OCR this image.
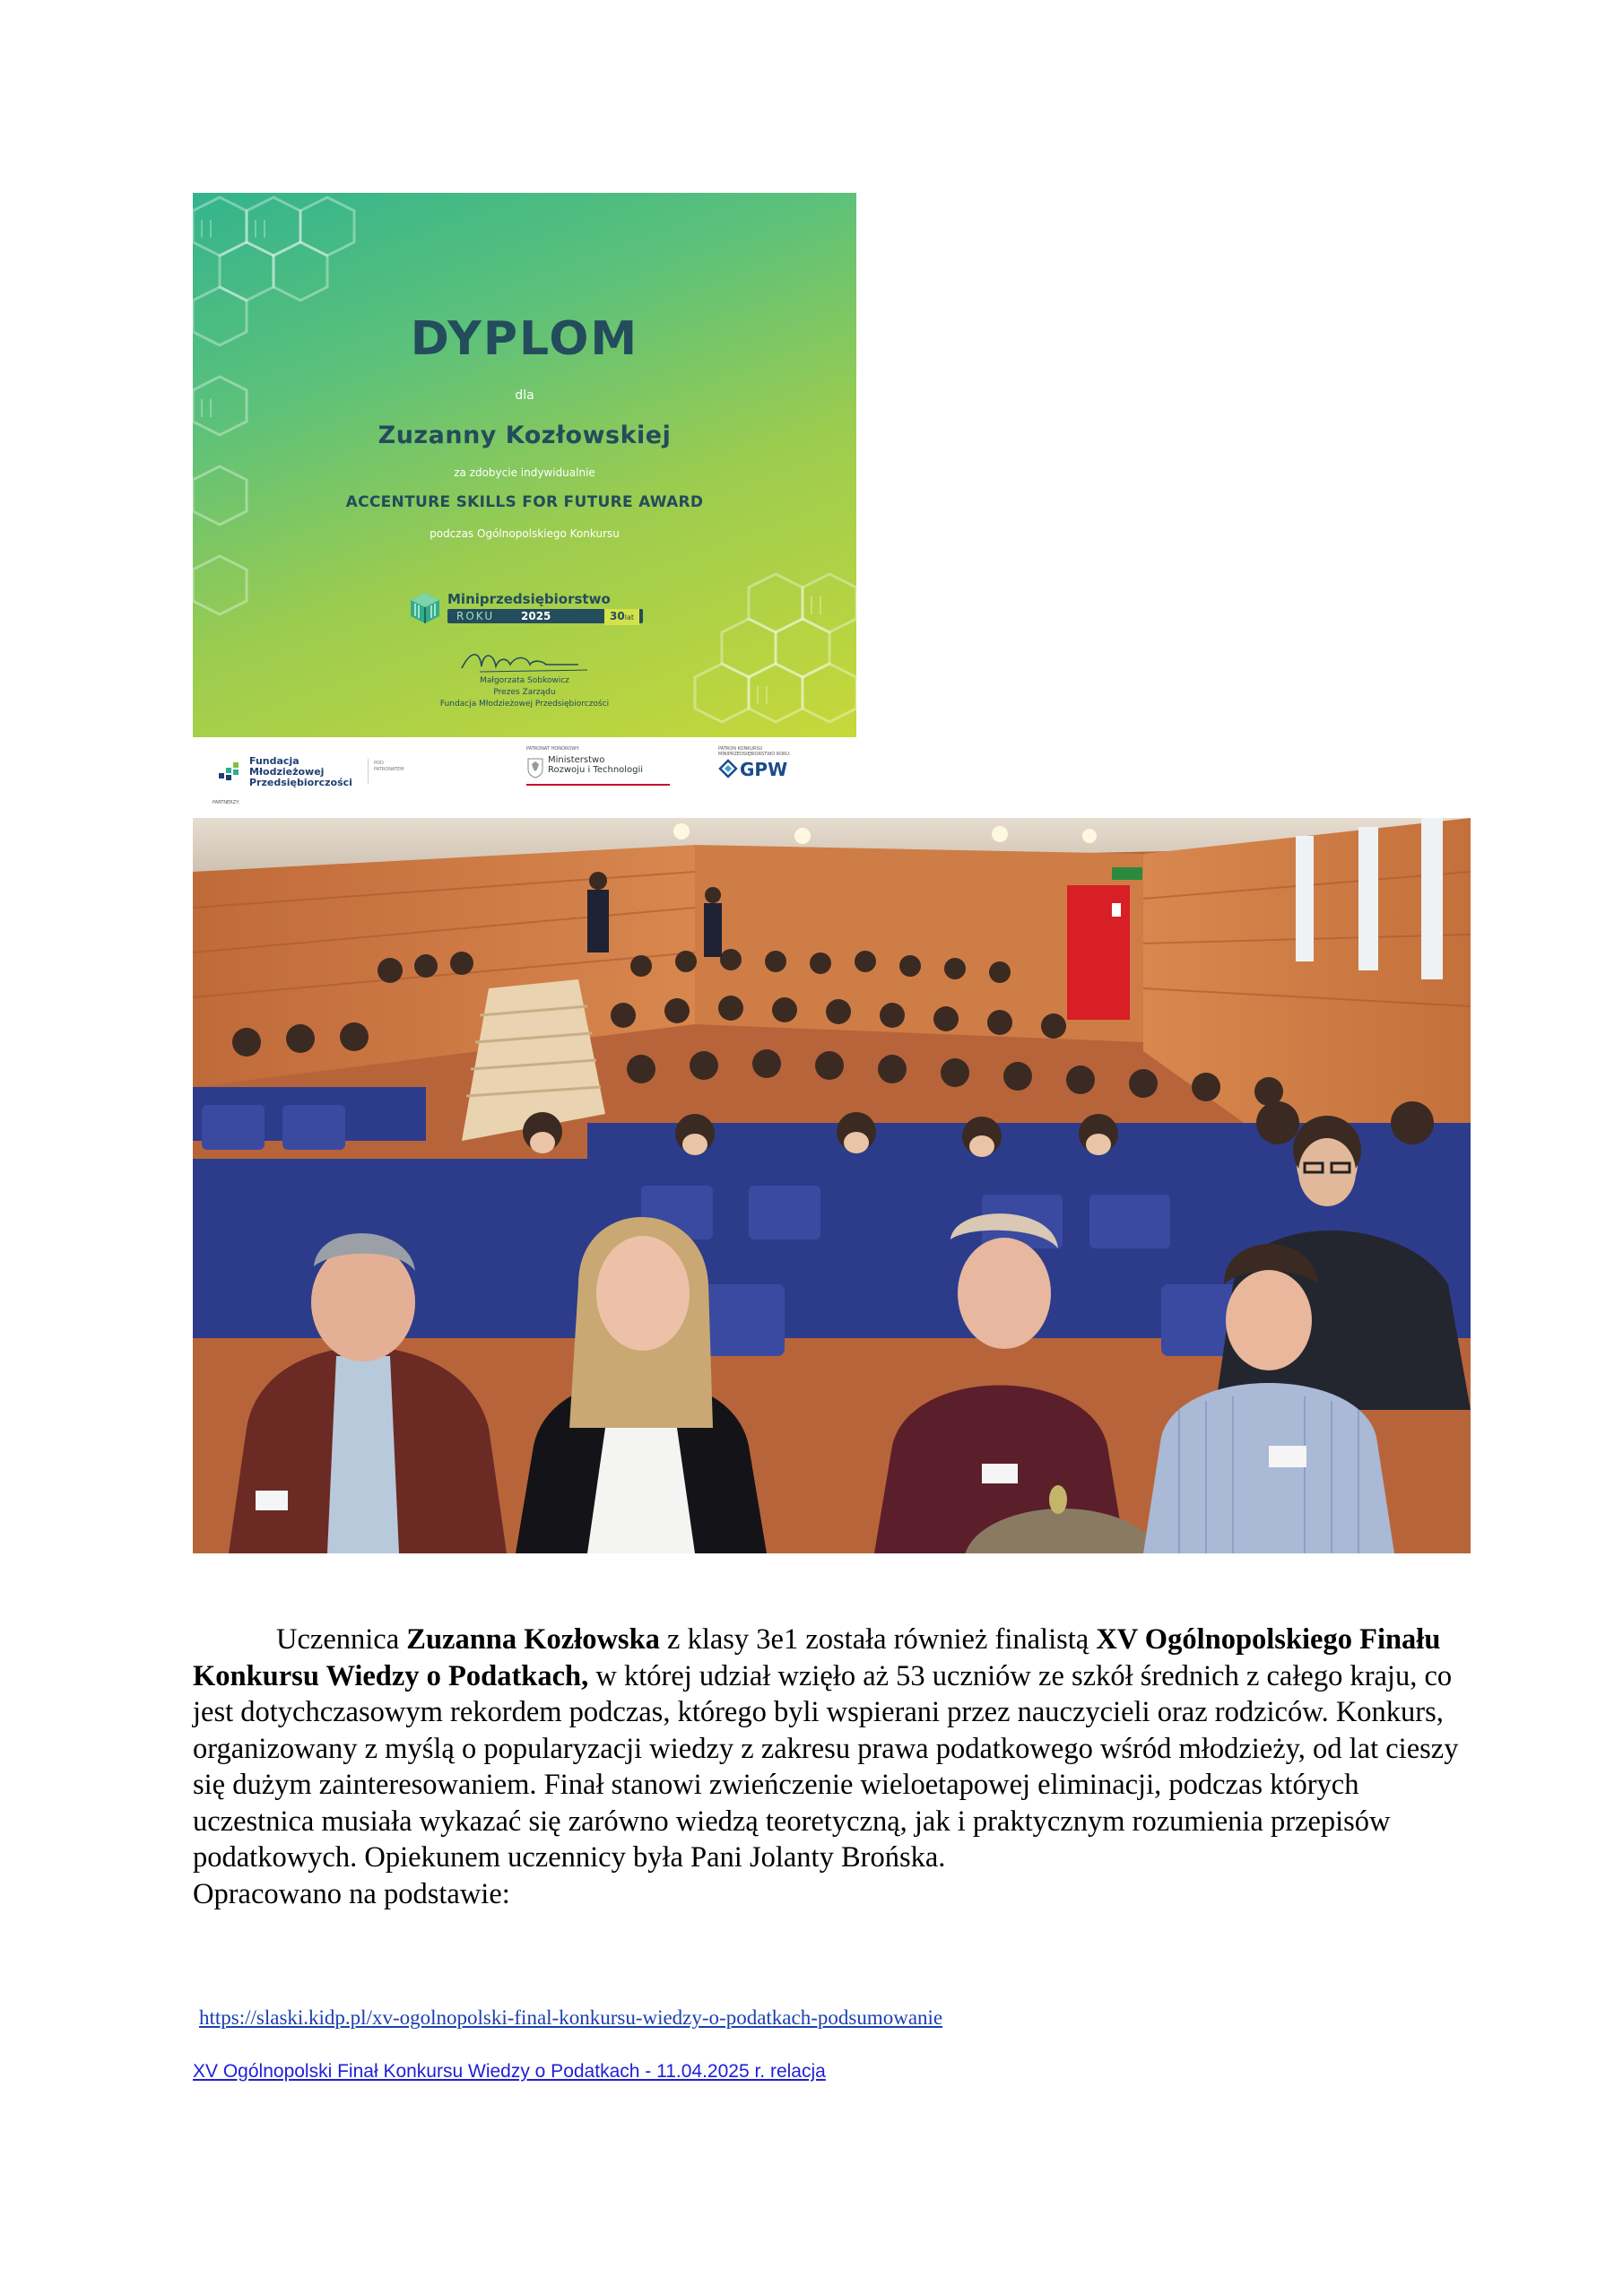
DYPLOM
dla
Zuzanny Kozłowskiej
za zdobycie indywidualnie
ACCENTURE SKILLS FOR FUTURE AWARD
podczas Ogólnopolskiego Konkursu
Miniprzedsiębiorstwo
ROKU 2025	30lat
Małgorzata Sobkowicz
Prezes Zarządu
Fundacja Młodzieżowej Przedsiębiorczości
Fundacja
Młodzieżowej
Przedsiębiorczości
POD PATRONATEM
PATRONAT HONOROWY:
Ministerstwo
Rozwoju i Technologii
PATRON KONKURSU MINIPRZEDSIĘBIORSTWO ROKU:
GPW
PARTNERZY:

Uczennica Zuzanna Kozłowska z klasy 3e1 została również finalistą XV Ogólnopolskiego Finału Konkursu Wiedzy o Podatkach, w której udział wzięło aż 53 uczniów ze szkół średnich z całego kraju, co jest dotychczasowym rekordem podczas, którego byli wspierani przez nauczycieli oraz rodziców. Konkurs, organizowany z myślą o popularyzacji wiedzy z zakresu prawa podatkowego wśród młodzieży, od lat cieszy się dużym zainteresowaniem. Finał stanowi zwieńczenie wieloetapowej eliminacji, podczas których uczestnica musiała wykazać się zarówno wiedzą teoretyczną, jak i praktycznym rozumienia przepisów podatkowych. Opiekunem uczennicy była Pani Jolanty Brońska.

Opracowano na podstawie:

https://slaski.kidp.pl/xv-ogolnopolski-final-konkursu-wiedzy-o-podatkach-podsumowanie
XV Ogólnopolski Finał Konkursu Wiedzy o Podatkach - 11.04.2025 r. relacja
